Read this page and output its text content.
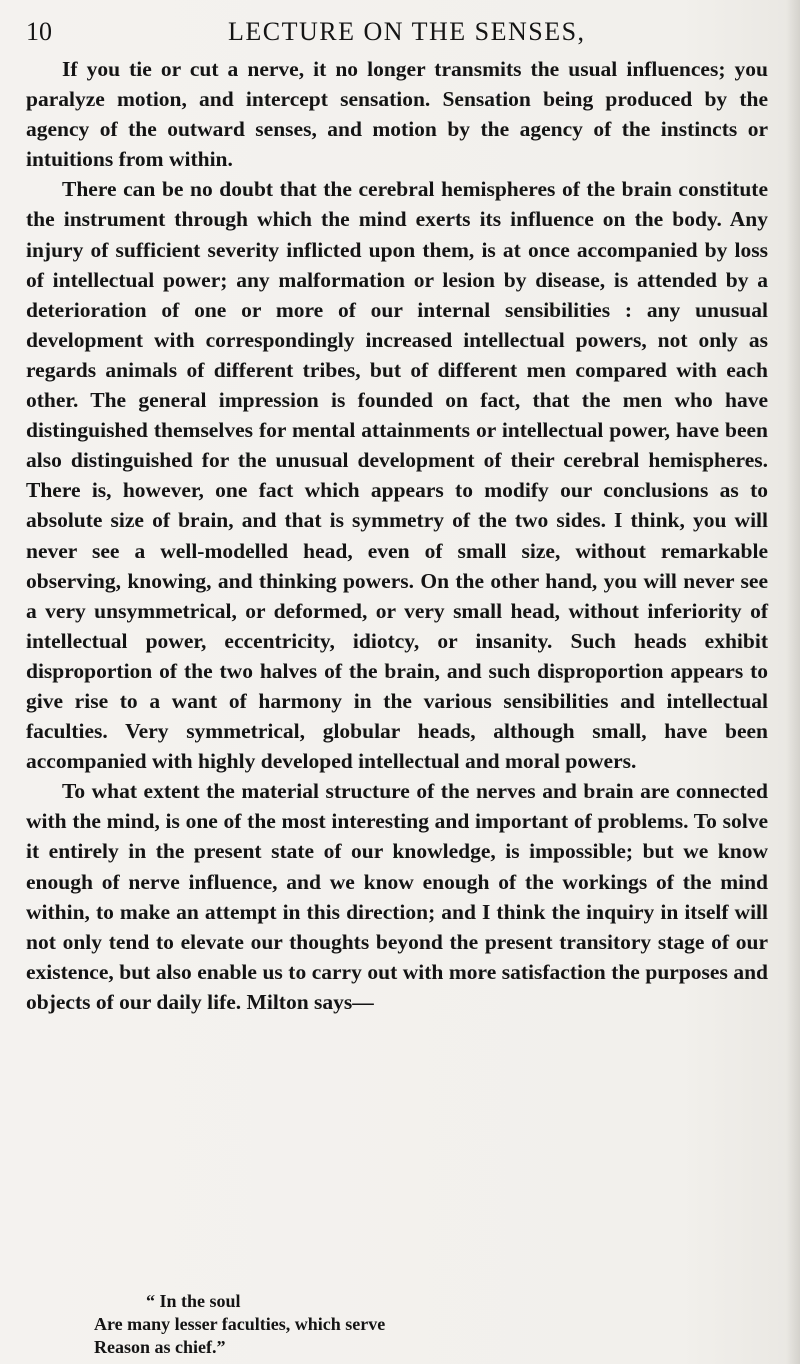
10	LECTURE ON THE SENSES,

If you tie or cut a nerve, it no longer transmits the usual influences; you paralyze motion, and intercept sensation. Sensation being produced by the agency of the outward senses, and motion by the agency of the instincts or intuitions from within.

There can be no doubt that the cerebral hemispheres of the brain constitute the instrument through which the mind exerts its influence on the body. Any injury of sufficient severity inflicted upon them, is at once accompanied by loss of intellectual power; any malformation or lesion by disease, is attended by a deterioration of one or more of our internal sensibilities : any unusual development with correspondingly increased intellectual powers, not only as regards animals of different tribes, but of different men compared with each other. The general impression is founded on fact, that the men who have distinguished themselves for mental attainments or intellectual power, have been also distinguished for the unusual development of their cerebral hemispheres. There is, however, one fact which appears to modify our conclusions as to absolute size of brain, and that is symmetry of the two sides. I think, you will never see a well-modelled head, even of small size, without remarkable observing, knowing, and thinking powers. On the other hand, you will never see a very unsymmetrical, or deformed, or very small head, without inferiority of intellectual power, eccentricity, idiotcy, or insanity. Such heads exhibit disproportion of the two halves of the brain, and such disproportion appears to give rise to a want of harmony in the various sensibilities and intellectual faculties. Very symmetrical, globular heads, although small, have been accompanied with highly developed intellectual and moral powers.

To what extent the material structure of the nerves and brain are connected with the mind, is one of the most interesting and important of problems. To solve it entirely in the present state of our knowledge, is impossible; but we know enough of nerve influence, and we know enough of the workings of the mind within, to make an attempt in this direction; and I think the inquiry in itself will not only tend to elevate our thoughts beyond the present transitory stage of our existence, but also enable us to carry out with more satisfaction the purposes and objects of our daily life. Milton says—

“ In the soul
Are many lesser faculties, which serve
Reason as chief.”
